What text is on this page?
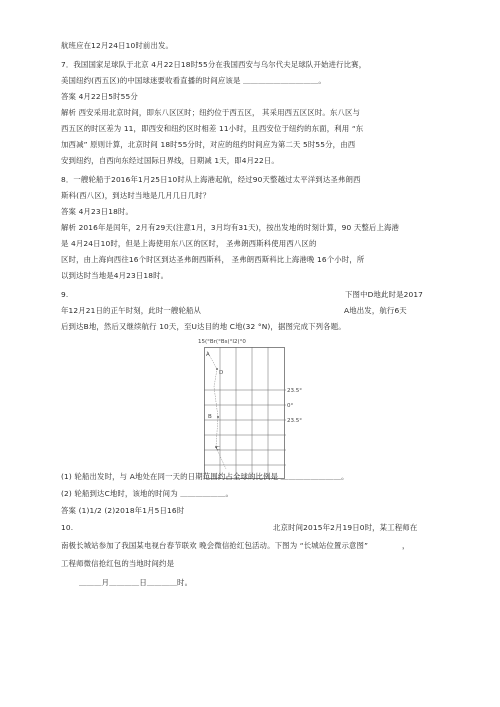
航班应在12月24日10时前出发。
7．我国国家足球队于北京 4月22日18时55分在我国西安与乌尔代夫足球队开始进行比赛，
美国纽约(西五区)的中国球迷要收看直播的时间应该是 ＿＿＿＿＿＿＿＿＿＿。
答案 4月22日5时55分
解析 西安采用北京时间，即东八区区时；纽约位于西五区， 其采用西五区区时。东八区与
西五区的时区差为 11，即西安和纽约区时相差 11小时，且西安位于纽约的东面，利用 “东
加西减” 原则计算，北京时间 18时55分时，对应的纽约时间应为第二天 5时55分，由西
安到纽约，自西向东经过国际日界线，日期减 1天，即4月22日。
8．一艘轮船于2016年1月25日10时从上海港起航，经过90天整越过太平洋到达圣弗朗西
斯科(西八区)，到达时当地是几月几日几时？
答案 4月23日18时。
解析 2016年是闰年，2月有29天(注意1月，3月均有31天)，按出发地的时刻计算，90 天整后上海港
是 4月24日10时，但是上海使用东八区的区时， 圣弗朗西斯科使用西八区的
区时，由上海向西往16个时区到达圣弗朗西斯科， 圣弗朗西斯科比上海港晚 16个小时，所
以到达时当地是4月23日18时。
9.	下图中D地此时是2017
年12月21日的正午时刻，此时一艘轮船从	A地出发，航行6天
后到达B地，然后又继续航行 10天，至U达目的地 C地(32 °N)，据图完成下列各题。
15(°Br(°Bs(°I2(°0
A
D
B
C
23.5°
0°
23.5°
(1) 轮船出发时，与 A地处在同一天的日期范围约占全球的比例是 ＿＿＿＿＿＿＿＿。
(2) 轮船到达C地时，该地的时间为 ＿＿＿＿＿＿。
答案 (1)1/2 (2)2018年1月5日16时
10.	北京时间2015年2月19日0时，某工程师在
南极长城站参加了我国某电视台春节联欢 晚会微信抢红包活动。下图为 “长城站位置示意图”	，
工程师微信抢红包的当地时间约是
＿＿＿月＿＿＿＿日＿＿＿＿时。
